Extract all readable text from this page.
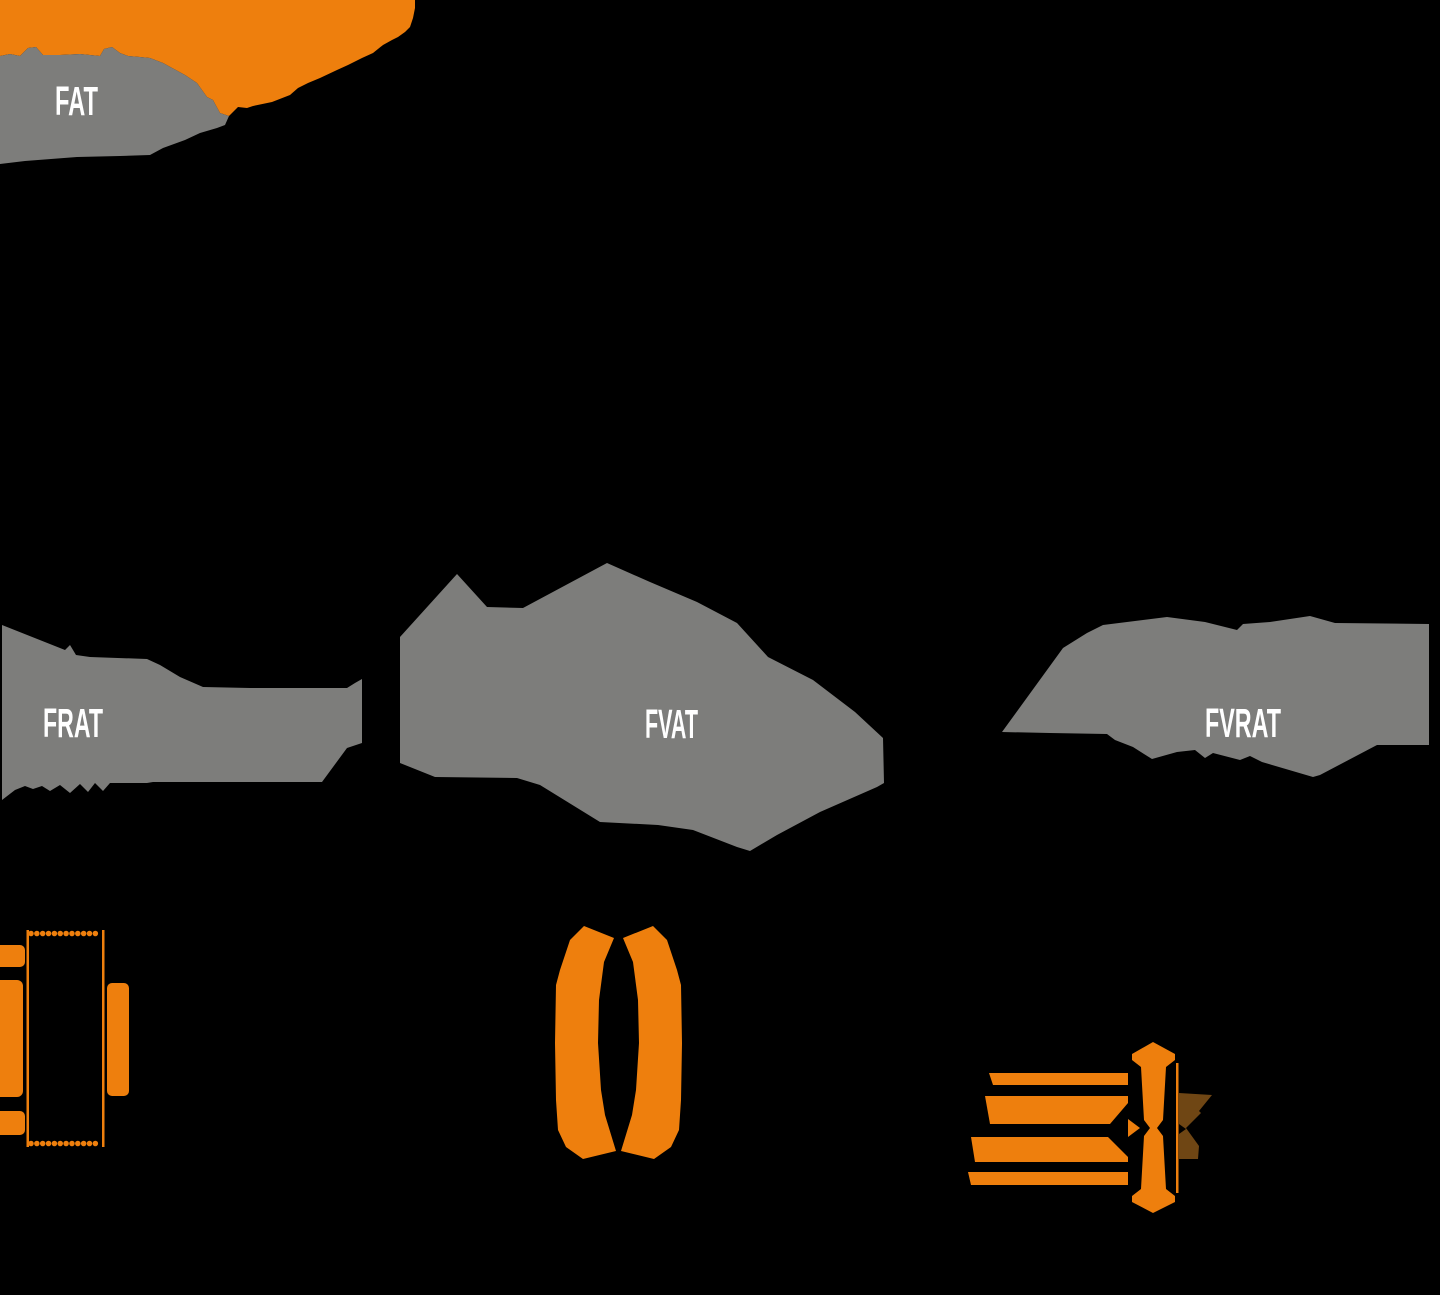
FAT
FRAT	FVAT	FVRAT
